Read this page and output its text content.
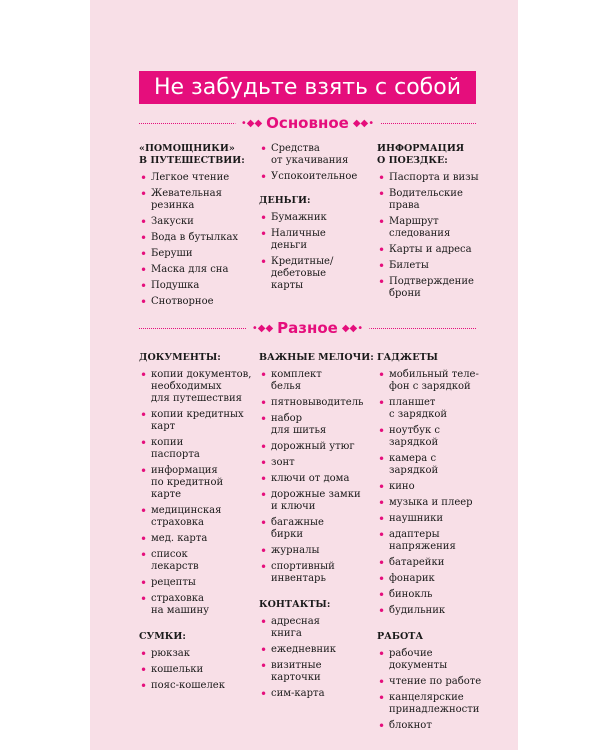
Не забудьте взять с собой
•◆◆ Основное ◆◆•
•◆◆ Разное ◆◆•
«ПОМОЩНИКИ»
В ПУТЕШЕСТВИИ:
• Легкое чтение
• Жевательная
резинка
• Закуски
• Вода в бутылках
• Беруши
• Маска для сна
• Подушка
• Снотворное
• Средства
от укачивания
• Успокоительное
ДЕНЬГИ:
• Бумажник
• Наличные
деньги
• Кредитные/
дебетовые
карты
ИНФОРМАЦИЯ
О ПОЕЗДКЕ:
• Паспорта и визы
• Водительские
права
• Маршрут
следования
• Карты и адреса
• Билеты
• Подтверждение
брони
ДОКУМЕНТЫ:
• копии документов,
необходимых
для путешествия
• копии кредитных
карт
• копии
паспорта
• информация
по кредитной
карте
• медицинская
страховка
• мед. карта
• список
лекарств
• рецепты
• страховка
на машину
СУМКИ:
• рюкзак
• кошельки
• пояс-кошелек
ВАЖНЫЕ МЕЛОЧИ:
• комплект
белья
• пятновыводитель
• набор
для шитья
• дорожный утюг
• зонт
• ключи от дома
• дорожные замки
и ключи
• багажные
бирки
• журналы
• спортивный
инвентарь
КОНТАКТЫ:
• адресная
книга
• ежедневник
• визитные
карточки
• сим-карта
ГАДЖЕТЫ
• мобильный теле-
фон с зарядкой
• планшет
с зарядкой
• ноутбук с зарядкой
• камера с зарядкой
• кино
• музыка и плеер
• наушники
• адаптеры
напряжения
• батарейки
• фонарик
• бинокль
• будильник
РАБОТА
• рабочие документы
• чтение по работе
• канцелярские
принадлежности
• блокнот
